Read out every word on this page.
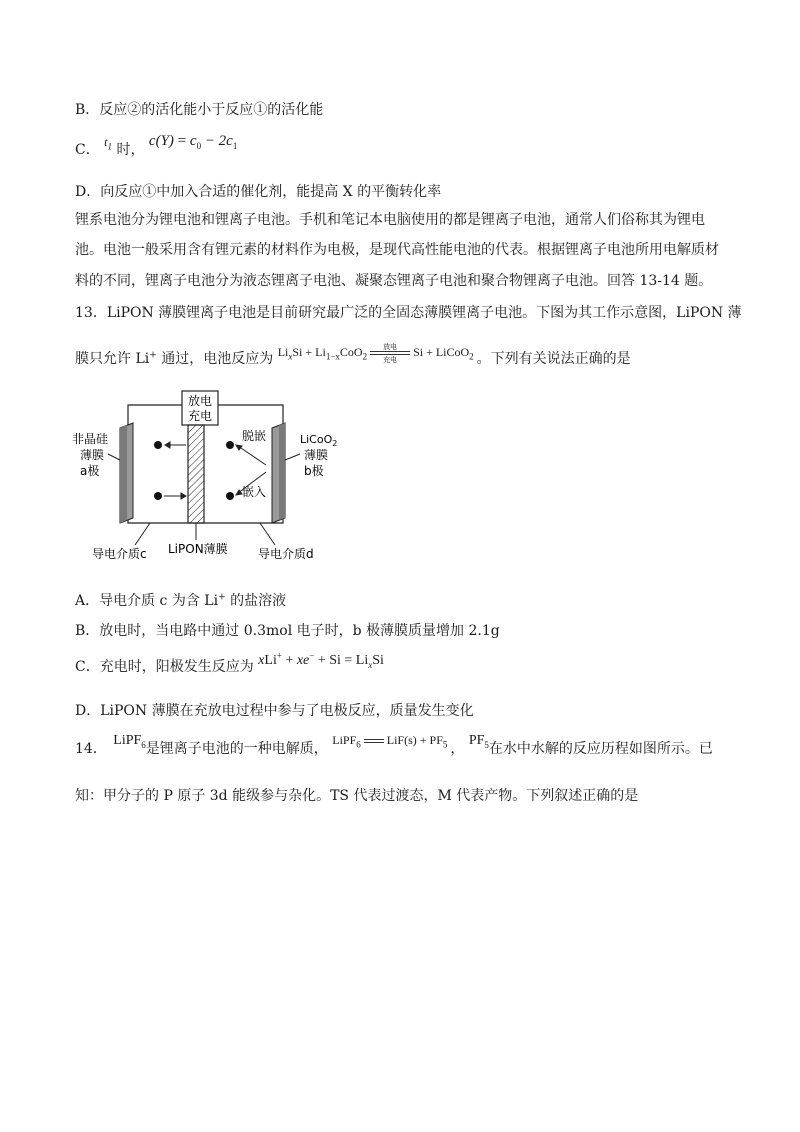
B．反应②的活化能小于反应①的活化能
C． $t_1$ 时， $c(Y) = c_0 - 2c_1$
D．向反应①中加入合适的催化剂，能提高 X 的平衡转化率
锂系电池分为锂电池和锂离子电池。手机和笔记本电脑使用的都是锂离子电池，通常人们俗称其为锂电
池。电池一般采用含有锂元素的材料作为电极，是现代高性能电池的代表。根据锂离子电池所用电解质材
料的不同，锂离子电池分为液态锂离子电池、凝聚态锂离子电池和聚合物锂离子电池。回答 13-14 题。
13．LiPON 薄膜锂离子电池是目前研究最广泛的全固态薄膜锂离子电池。下图为其工作示意图，LiPON 薄
膜只允许 Li+ 通过，电池反应为 $Li_xSi + Li_{1-x}CoO_2$
放电
充电
Si + LiCoO$_2$ 。下列有关说法正确的是
放电
充电
脱嵌
嵌入
非晶硅
薄膜
a极
LiCoO$_2$
薄膜
b极
导电介质c LiPON薄膜	导电介质d
A．导电介质 c 为含 Li+ 的盐溶液
B．放电时，当电路中通过 0.3mol 电子时，b 极薄膜质量增加 2.1g
C．充电时，阳极发生反应为 $xLi^+ + xe^- + Si = Li_xSi$
D．LiPON 薄膜在充放电过程中参与了电极反应，质量发生变化
14． LiPF$_6$是锂离子电池的一种电解质， LiPF$_6$ $LiF(s) + PF_5$ ， $PF_5$在水中水解的反应历程如图所示。已
知：甲分子的 P 原子 3d 能级参与杂化。TS 代表过渡态，M 代表产物。下列叙述正确的是
